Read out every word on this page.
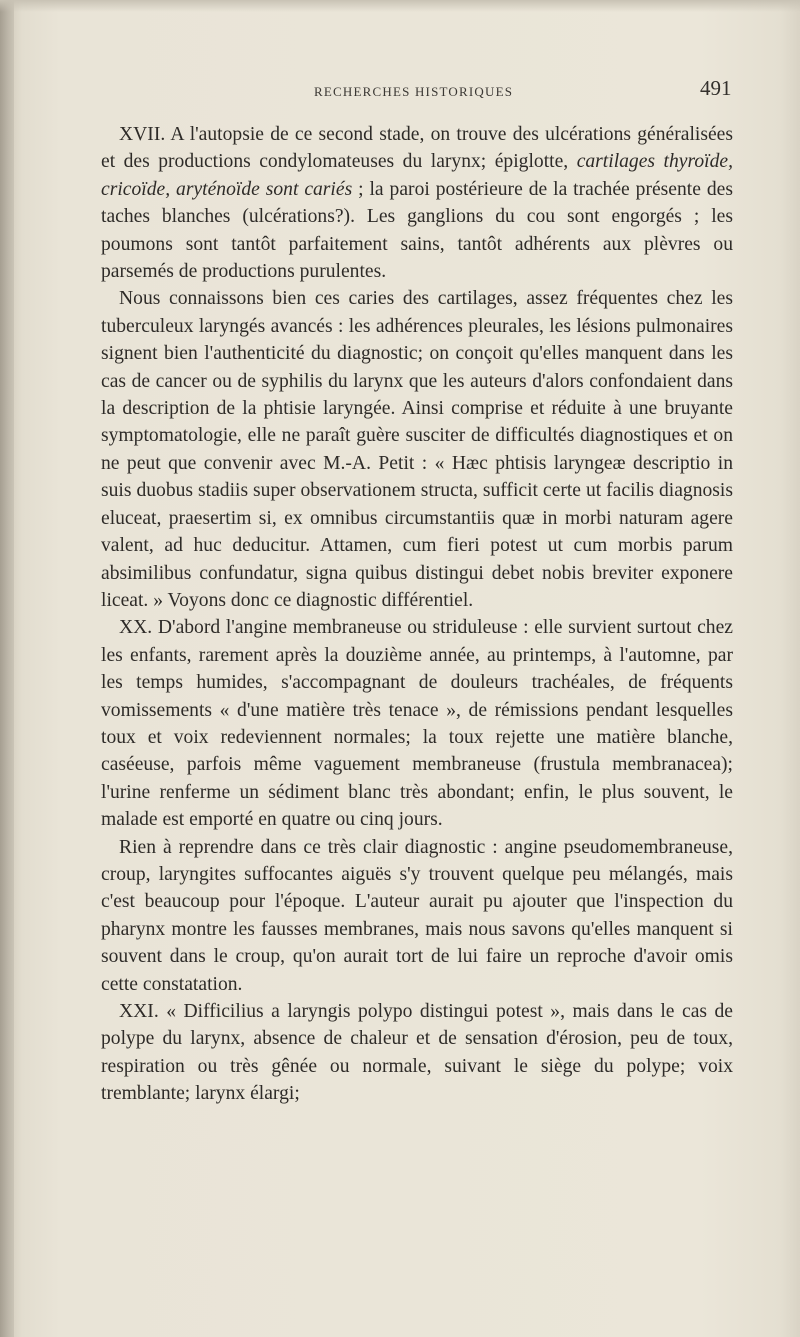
RECHERCHES HISTORIQUES	491

XVII. A l'autopsie de ce second stade, on trouve des ulcérations généralisées et des productions condylomateuses du larynx; épiglotte, cartilages thyroïde, cricoïde, aryténoïde sont cariés ; la paroi postérieure de la trachée présente des taches blanches (ulcérations?). Les ganglions du cou sont engorgés ; les poumons sont tantôt parfaitement sains, tantôt adhérents aux plèvres ou parsemés de productions purulentes.

Nous connaissons bien ces caries des cartilages, assez fréquentes chez les tuberculeux laryngés avancés : les adhérences pleurales, les lésions pulmonaires signent bien l'authenticité du diagnostic; on conçoit qu'elles manquent dans les cas de cancer ou de syphilis du larynx que les auteurs d'alors confondaient dans la description de la phtisie laryngée. Ainsi comprise et réduite à une bruyante symptomatologie, elle ne paraît guère susciter de difficultés diagnostiques et on ne peut que convenir avec M.-A. Petit : « Hæc phtisis laryngeæ descriptio in suis duobus stadiis super observationem structa, sufficit certe ut facilis diagnosis eluceat, praesertim si, ex omnibus circumstantiis quæ in morbi naturam agere valent, ad huc deducitur. Attamen, cum fieri potest ut cum morbis parum absimilibus confundatur, signa quibus distingui debet nobis breviter exponere liceat. » Voyons donc ce diagnostic différentiel.

XX. D'abord l'angine membraneuse ou striduleuse : elle survient surtout chez les enfants, rarement après la douzième année, au printemps, à l'automne, par les temps humides, s'accompagnant de douleurs trachéales, de fréquents vomissements « d'une matière très tenace », de rémissions pendant lesquelles toux et voix redeviennent normales; la toux rejette une matière blanche, caséeuse, parfois même vaguement membraneuse (frustula membranacea); l'urine renferme un sédiment blanc très abondant; enfin, le plus souvent, le malade est emporté en quatre ou cinq jours.

Rien à reprendre dans ce très clair diagnostic : angine pseudomembraneuse, croup, laryngites suffocantes aiguës s'y trouvent quelque peu mélangés, mais c'est beaucoup pour l'époque. L'auteur aurait pu ajouter que l'inspection du pharynx montre les fausses membranes, mais nous savons qu'elles manquent si souvent dans le croup, qu'on aurait tort de lui faire un reproche d'avoir omis cette constatation.

XXI. « Difficilius a laryngis polypo distingui potest », mais dans le cas de polype du larynx, absence de chaleur et de sensation d'érosion, peu de toux, respiration ou très gênée ou normale, suivant le siège du polype; voix tremblante; larynx élargi;
